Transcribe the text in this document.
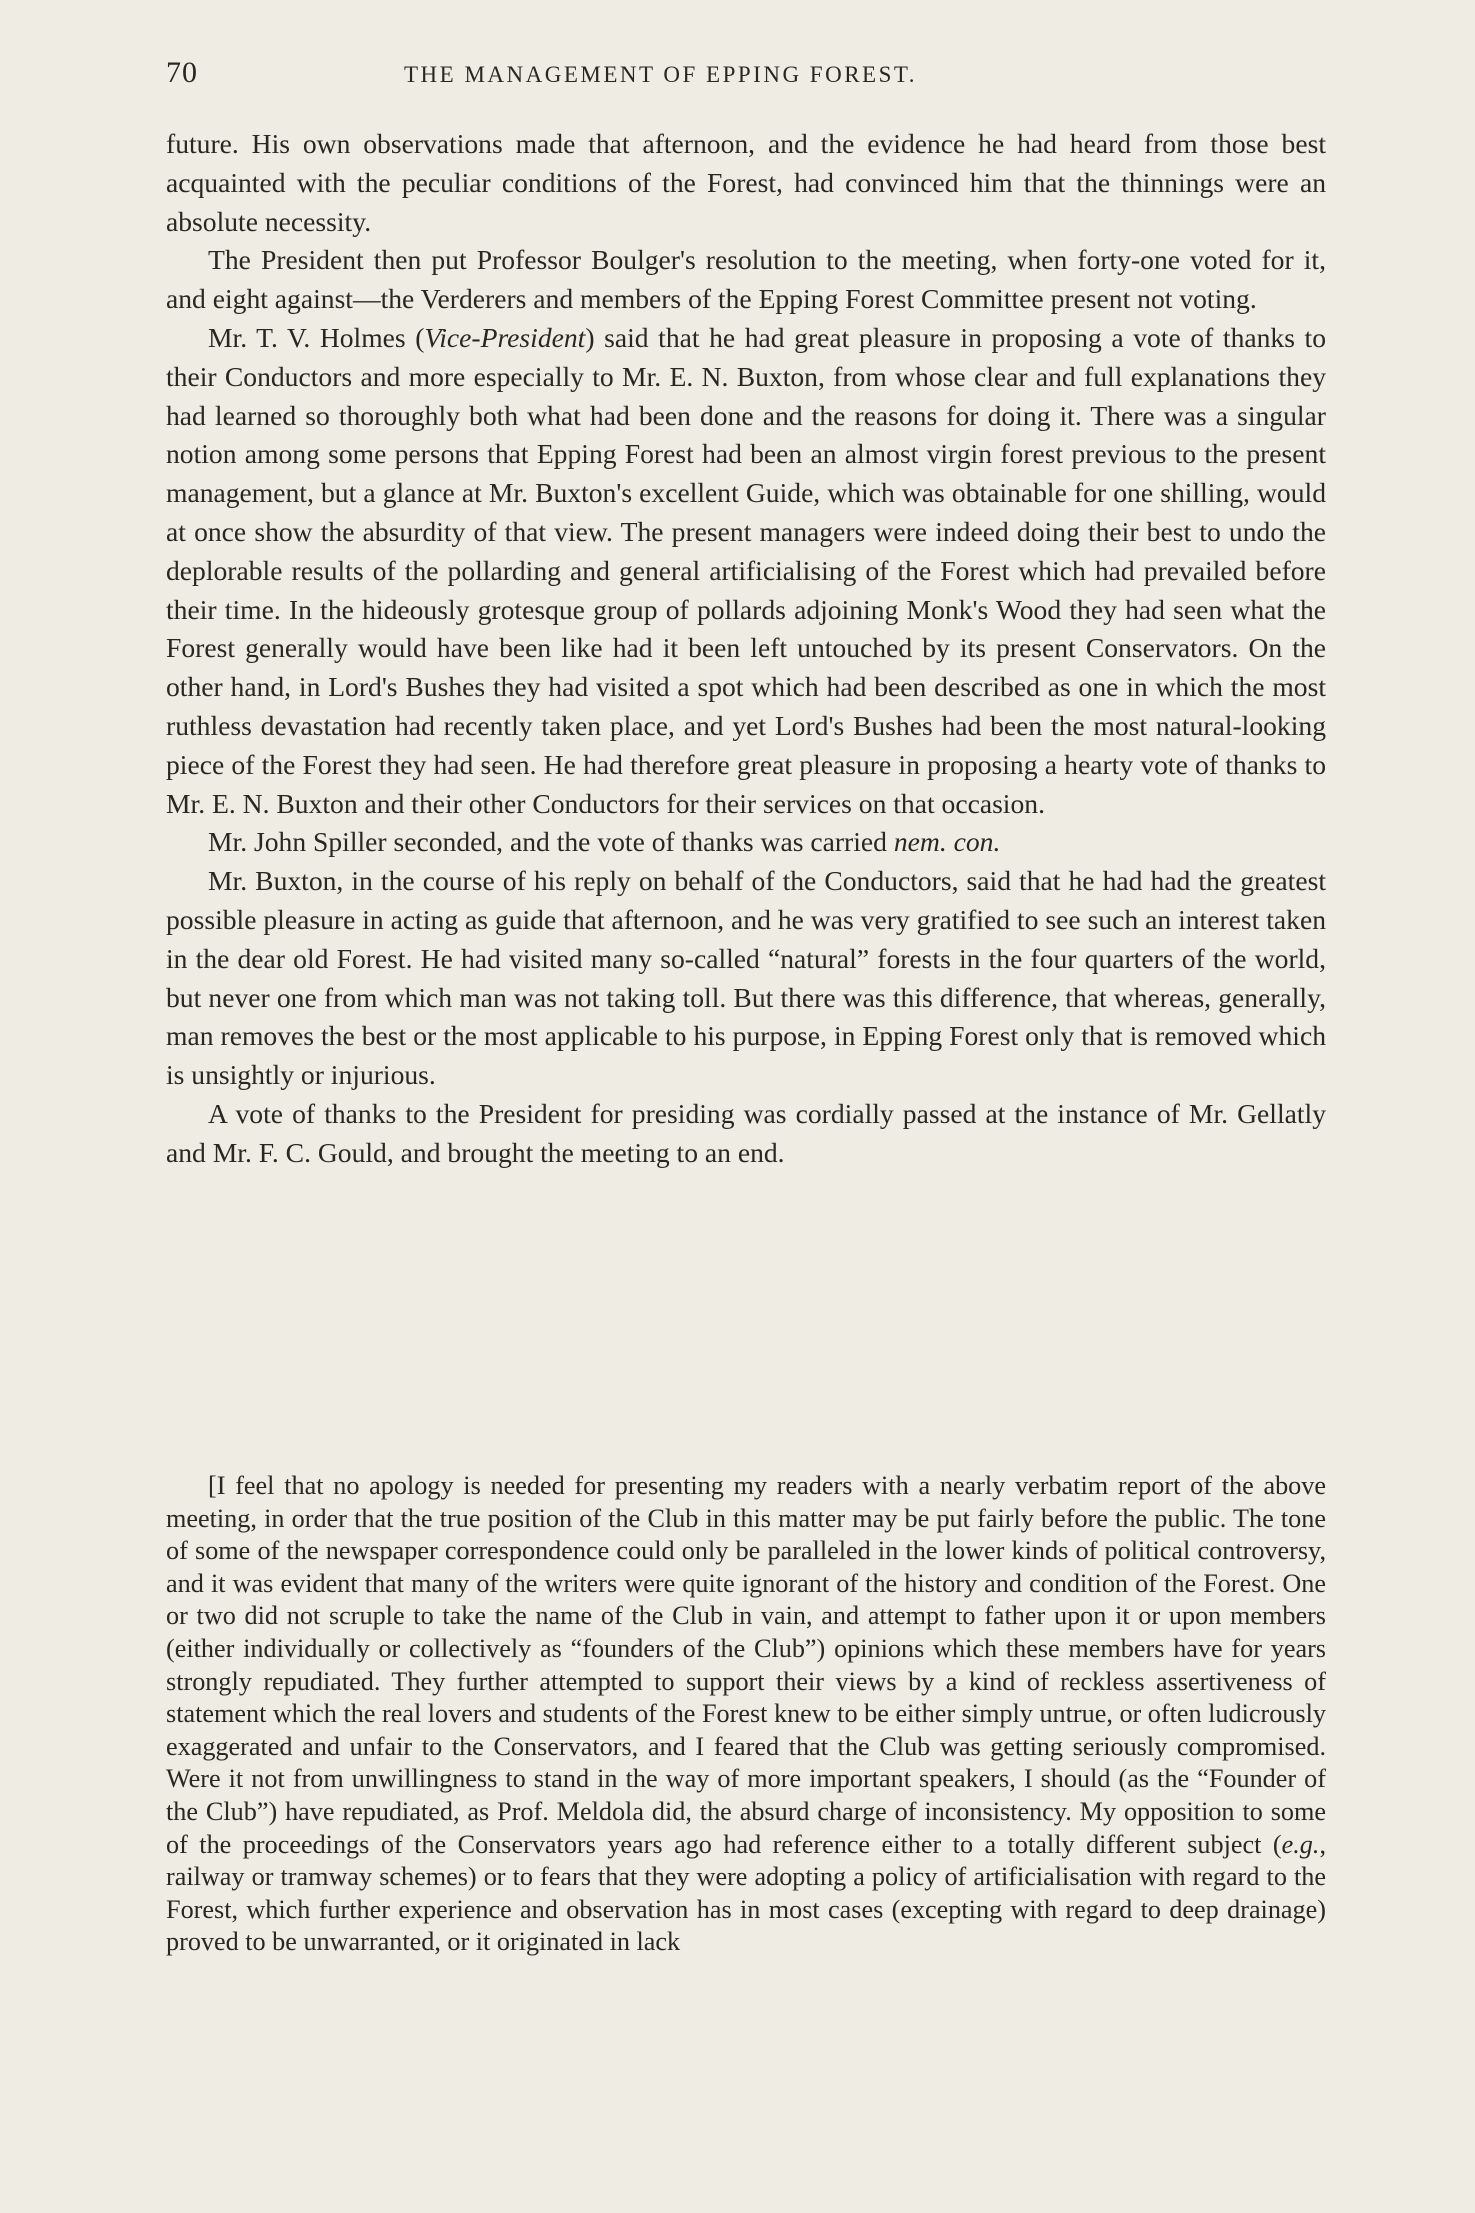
70	THE MANAGEMENT OF EPPING FOREST.

future. His own observations made that afternoon, and the evidence he had heard from those best acquainted with the peculiar conditions of the Forest, had convinced him that the thinnings were an absolute necessity.

The President then put Professor Boulger's resolution to the meeting, when forty-one voted for it, and eight against—the Verderers and members of the Epping Forest Committee present not voting.

Mr. T. V. Holmes (Vice-President) said that he had great pleasure in proposing a vote of thanks to their Conductors and more especially to Mr. E. N. Buxton, from whose clear and full explanations they had learned so thoroughly both what had been done and the reasons for doing it. There was a singular notion among some persons that Epping Forest had been an almost virgin forest previous to the present management, but a glance at Mr. Buxton's excellent Guide, which was obtainable for one shilling, would at once show the absurdity of that view. The present managers were indeed doing their best to undo the deplorable results of the pollarding and general artificialising of the Forest which had prevailed before their time. In the hideously grotesque group of pollards adjoining Monk's Wood they had seen what the Forest generally would have been like had it been left untouched by its present Conservators. On the other hand, in Lord's Bushes they had visited a spot which had been described as one in which the most ruthless devastation had recently taken place, and yet Lord's Bushes had been the most natural-looking piece of the Forest they had seen. He had therefore great pleasure in proposing a hearty vote of thanks to Mr. E. N. Buxton and their other Conductors for their services on that occasion.

Mr. John Spiller seconded, and the vote of thanks was carried nem. con.

Mr. Buxton, in the course of his reply on behalf of the Conductors, said that he had had the greatest possible pleasure in acting as guide that afternoon, and he was very gratified to see such an interest taken in the dear old Forest. He had visited many so-called “natural” forests in the four quarters of the world, but never one from which man was not taking toll. But there was this difference, that whereas, generally, man removes the best or the most applicable to his purpose, in Epping Forest only that is removed which is unsightly or injurious.

A vote of thanks to the President for presiding was cordially passed at the instance of Mr. Gellatly and Mr. F. C. Gould, and brought the meeting to an end.

[I feel that no apology is needed for presenting my readers with a nearly verbatim report of the above meeting, in order that the true position of the Club in this matter may be put fairly before the public. The tone of some of the newspaper correspondence could only be paralleled in the lower kinds of political controversy, and it was evident that many of the writers were quite ignorant of the history and condition of the Forest. One or two did not scruple to take the name of the Club in vain, and attempt to father upon it or upon members (either individually or collectively as “founders of the Club”) opinions which these members have for years strongly repudiated. They further attempted to support their views by a kind of reckless assertiveness of statement which the real lovers and students of the Forest knew to be either simply untrue, or often ludicrously exaggerated and unfair to the Conservators, and I feared that the Club was getting seriously compromised. Were it not from unwillingness to stand in the way of more important speakers, I should (as the “Founder of the Club”) have repudiated, as Prof. Meldola did, the absurd charge of inconsistency. My opposition to some of the proceedings of the Conservators years ago had reference either to a totally different subject (e.g., railway or tramway schemes) or to fears that they were adopting a policy of artificialisation with regard to the Forest, which further experience and observation has in most cases (excepting with regard to deep drainage) proved to be unwarranted, or it originated in lack
